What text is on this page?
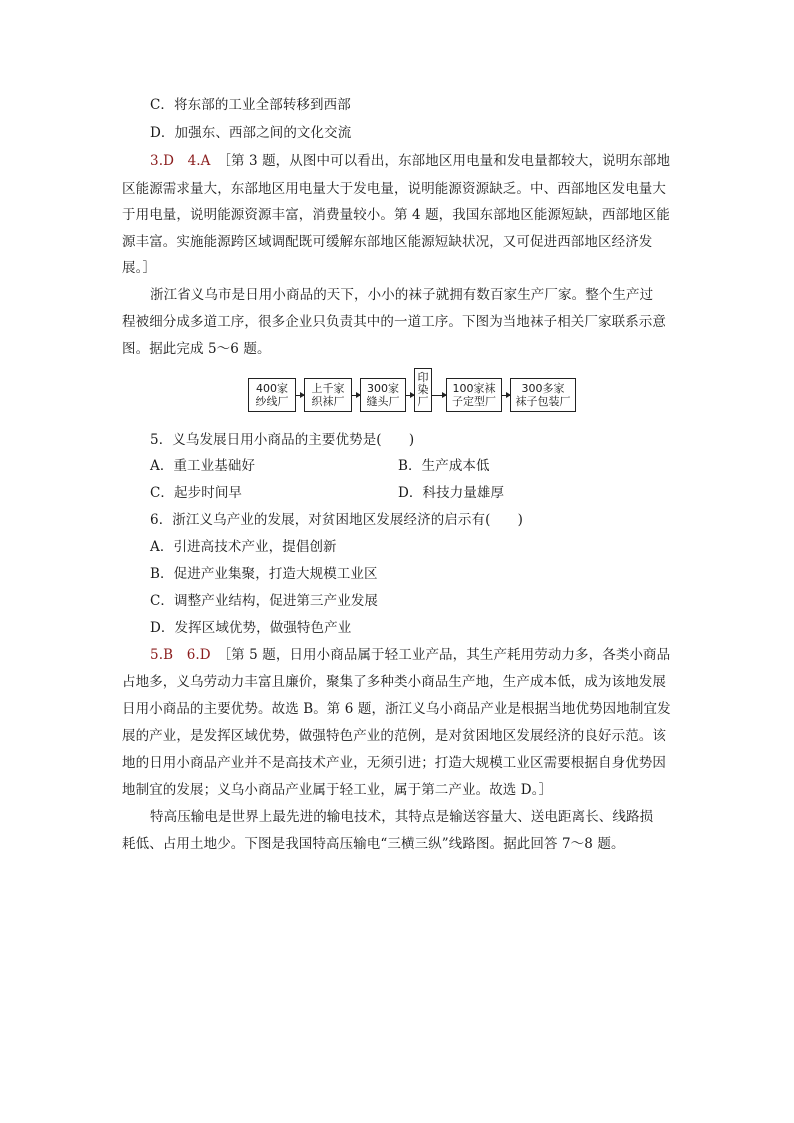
C．将东部的工业全部转移到西部
D．加强东、西部之间的文化交流
3.D　4.A　 ［第 3 题，从图中可以看出，东部地区用电量和发电量都较大，说明东部地
区能源需求量大，东部地区用电量大于发电量，说明能源资源缺乏。中、西部地区发电量大
于用电量，说明能源资源丰富，消费量较小。第 4 题，我国东部地区能源短缺，西部地区能
源丰富。实施能源跨区域调配既可缓解东部地区能源短缺状况，又可促进西部地区经济发
展。］
浙江省义乌市是日用小商品的天下，小小的袜子就拥有数百家生产厂家。整个生产过
程被细分成多道工序，很多企业只负责其中的一道工序。下图为当地袜子相关厂家联系示意
图。据此完成 5～6 题。
400家
纱线厂
上千家
织袜厂
300家
缝头厂
印
染
厂
100家袜
子定型厂
300多家
袜子包装厂
5．义乌发展日用小商品的主要优势是(　　)
A．重工业基础好	B．生产成本低
C．起步时间早	D．科技力量雄厚
6．浙江义乌产业的发展，对贫困地区发展经济的启示有(　　)
A．引进高技术产业，提倡创新
B．促进产业集聚，打造大规模工业区
C．调整产业结构，促进第三产业发展
D．发挥区域优势，做强特色产业
5.B　6.D　 ［第 5 题，日用小商品属于轻工业产品，其生产耗用劳动力多，各类小商品
占地多，义乌劳动力丰富且廉价，聚集了多种类小商品生产地，生产成本低，成为该地发展
日用小商品的主要优势。故选 B。第 6 题，浙江义乌小商品产业是根据当地优势因地制宜发
展的产业，是发挥区域优势，做强特色产业的范例，是对贫困地区发展经济的良好示范。该
地的日用小商品产业并不是高技术产业，无须引进；打造大规模工业区需要根据自身优势因
地制宜的发展；义乌小商品产业属于轻工业，属于第二产业。故选 D。］
特高压输电是世界上最先进的输电技术，其特点是输送容量大、送电距离长、线路损
耗低、占用土地少。下图是我国特高压输电“三横三纵”线路图。据此回答 7～8 题。
